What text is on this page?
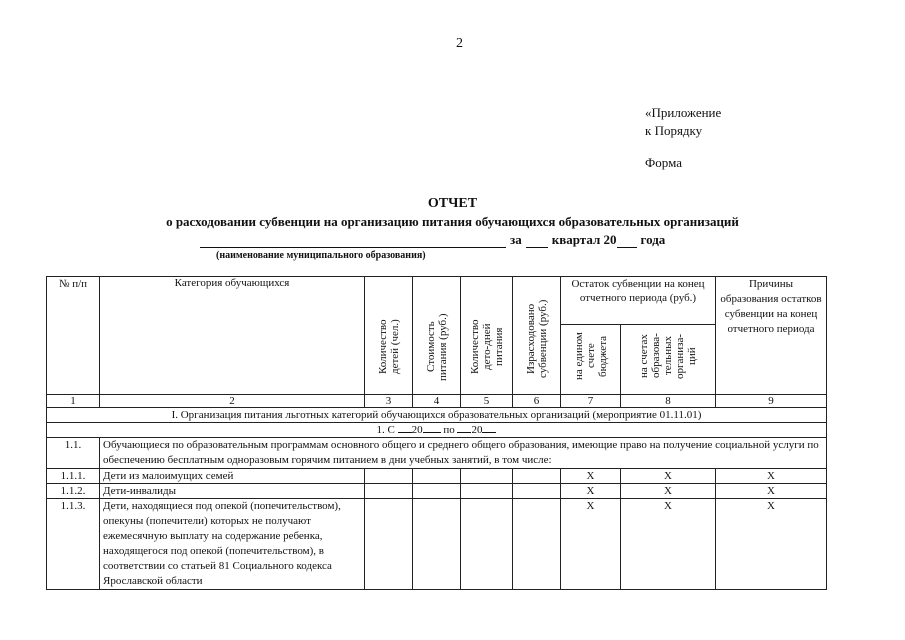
2
«Приложение
к Порядку
Форма
ОТЧЕТ
о расходовании субвенции на организацию питания обучающихся образовательных организаций
за квартал 20 года
(наименование муниципального образования)
№ п/п	Категория обучающихся	Количество детей (чел.)	Стоимость питания (руб.)	Количество дето-дней питания	Израсходовано субвенции (руб.)	Остаток субвенции на конец отчетного периода (руб.)		Причины образования остатков субвенции на конец отчетного периода
						на едином счете бюджета	на счетах образова-тельных организа-ций	
1	2	3	4	5	6	7	8	9
I. Организация питания льготных категорий обучающихся образовательных организаций (мероприятие 01.11.01)								
1. С 20 по 20								
1.1.	Обучающиеся по образовательным программам основного общего и среднего общего образования, имеющие право на получение социальной услуги по обеспечению бесплатным одноразовым горячим питанием в дни учебных занятий, в том числе:							
1.1.1.	Дети из малоимущих семей					X	X	X
1.1.2.	Дети-инвалиды					X	X	X
1.1.3.	Дети, находящиеся под опекой (попечительством), опекуны (попечители) которых не получают ежемесячную выплату на содержание ребенка, находящегося под опекой (попечительством), в соответствии со статьей 81 Социального кодекса Ярославской области					X	X	X
